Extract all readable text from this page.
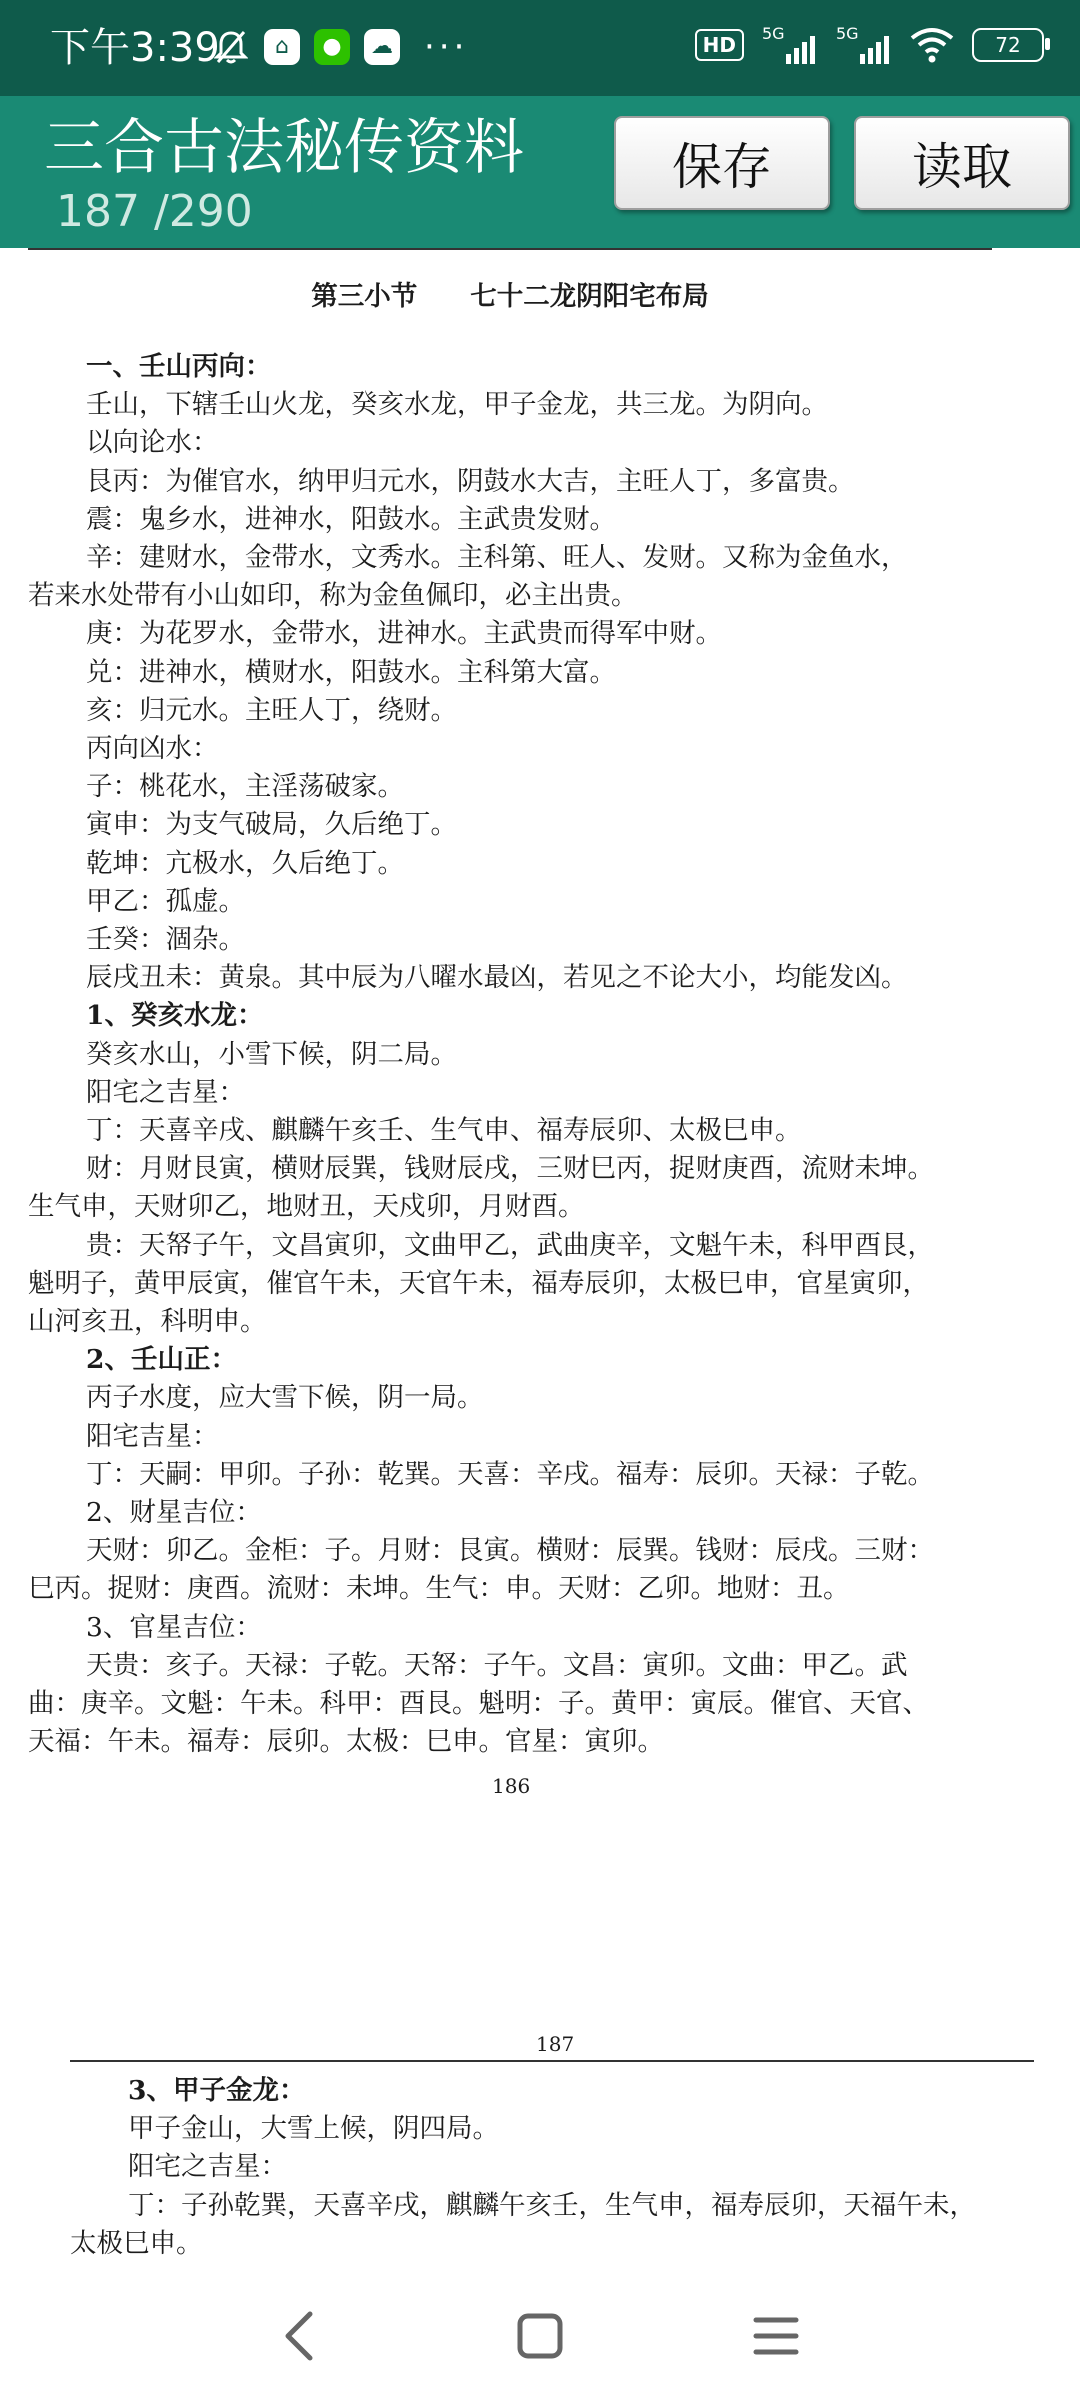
下午3:39	⌂	●	☁ ···	HD	5G	5G	72
三合古法秘传资料
187 /290
保存	读取
第三小节　　七十二龙阴阳宅布局
一、壬山丙向：
壬山，下辖壬山火龙，癸亥水龙，甲子金龙，共三龙。为阴向。
以向论水：
艮丙：为催官水，纳甲归元水，阴鼓水大吉，主旺人丁，多富贵。
震：鬼乡水，进神水，阳鼓水。主武贵发财。
辛：建财水，金带水，文秀水。主科第、旺人、发财。又称为金鱼水，
若来水处带有小山如印，称为金鱼佩印，必主出贵。
庚：为花罗水，金带水，进神水。主武贵而得军中财。
兑：进神水，横财水，阳鼓水。主科第大富。
亥：归元水。主旺人丁，绕财。
丙向凶水：
子：桃花水，主淫荡破家。
寅申：为支气破局，久后绝丁。
乾坤：亢极水，久后绝丁。
甲乙：孤虚。
壬癸：涸杂。
辰戌丑未：黄泉。其中辰为八曜水最凶，若见之不论大小，均能发凶。
1、癸亥水龙：
癸亥水山，小雪下候，阴二局。
阳宅之吉星：
丁：天喜辛戌、麒麟午亥壬、生气申、福寿辰卯、太极巳申。
财：月财艮寅，横财辰巽，钱财辰戌，三财巳丙，捉财庚酉，流财未坤。
生气申，天财卯乙，地财丑，天戍卯，月财酉。
贵：天帑子午，文昌寅卯，文曲甲乙，武曲庚辛，文魁午未，科甲酉艮，
魁明子，黄甲辰寅，催官午未，天官午未，福寿辰卯，太极巳申，官星寅卯，
山河亥丑，科明申。
2、壬山正：
丙子水度，应大雪下候，阴一局。
阳宅吉星：
丁：天嗣：甲卯。子孙：乾巽。天喜：辛戌。福寿：辰卯。天禄：子乾。
2、财星吉位：
天财：卯乙。金柜：子。月财：艮寅。横财：辰巽。钱财：辰戌。三财：
巳丙。捉财：庚酉。流财：未坤。生气：申。天财：乙卯。地财：丑。
3、官星吉位：
天贵：亥子。天禄：子乾。天帑：子午。文昌：寅卯。文曲：甲乙。武
曲：庚辛。文魁：午未。科甲：酉艮。魁明：子。黄甲：寅辰。催官、天官、
天福：午未。福寿：辰卯。太极：巳申。官星：寅卯。
186
187
3、甲子金龙：
甲子金山，大雪上候，阴四局。
阳宅之吉星：
丁：子孙乾巽，天喜辛戌，麒麟午亥壬，生气申，福寿辰卯，天福午未，
太极巳申。
